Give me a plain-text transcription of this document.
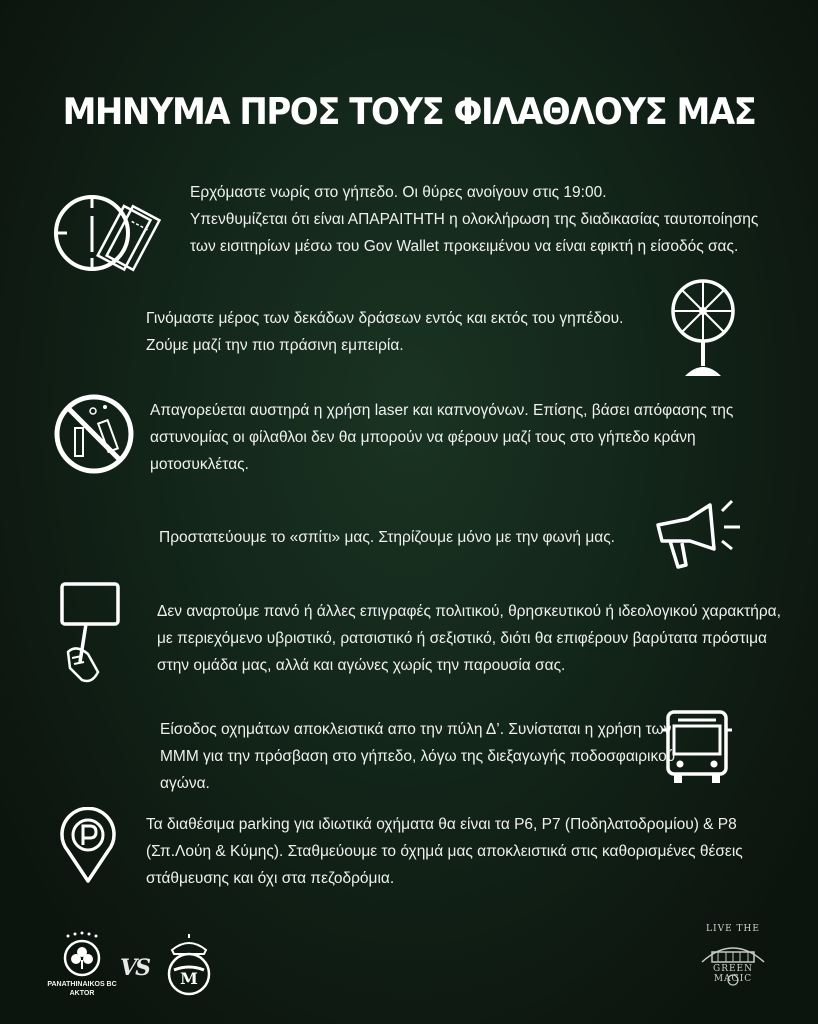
ΜΗΝΥΜΑ ΠΡΟΣ ΤΟΥΣ ΦΙΛΑΘΛΟΥΣ ΜΑΣ
Ερχόμαστε νωρίς στο γήπεδο. Οι θύρες ανοίγουν στις 19:00.
Υπενθυμίζεται ότι είναι ΑΠΑΡΑΙΤΗΤΗ η ολοκλήρωση της διαδικασίας ταυτοποίησης
των εισιτηρίων μέσω του Gov Wallet προκειμένου να είναι εφικτή η είσοδός σας.
Γινόμαστε μέρος των δεκάδων δράσεων εντός και εκτός του γηπέδου.
Ζούμε μαζί την πιο πράσινη εμπειρία.
Απαγορεύεται αυστηρά η χρήση laser και καπνογόνων. Επίσης, βάσει απόφασης της
αστυνομίας οι φίλαθλοι δεν θα μπορούν να φέρουν μαζί τους στο γήπεδο κράνη
μοτοσυκλέτας.
Προστατεύουμε το «σπίτι» μας. Στηρίζουμε μόνο με την φωνή μας.
Δεν αναρτούμε πανό ή άλλες επιγραφές πολιτικού, θρησκευτικού ή ιδεολογικού χαρακτήρα,
με περιεχόμενο υβριστικό, ρατσιστικό ή σεξιστικό, διότι θα επιφέρουν βαρύτατα πρόστιμα
στην ομάδα μας, αλλά και αγώνες χωρίς την παρουσία σας.
Είσοδος οχημάτων αποκλειστικά απο την πύλη Δ’. Συνίσταται η χρήση των
ΜΜΜ για την πρόσβαση στο γήπεδο, λόγω της διεξαγωγής ποδοσφαιρικού
αγώνα.
Τα διαθέσιμα parking για ιδιωτικά οχήματα θα είναι τα Ρ6, Ρ7 (Ποδηλατοδρομίου) & Ρ8
(Σπ.Λούη & Κύμης). Σταθμεύουμε το όχημά μας αποκλειστικά στις καθορισμένες θέσεις
στάθμευσης και όχι στα πεζοδρόμια.
PANATHINAIKOS BC AKTOR
VS M
LIVE THE
GREEN MAGIC
